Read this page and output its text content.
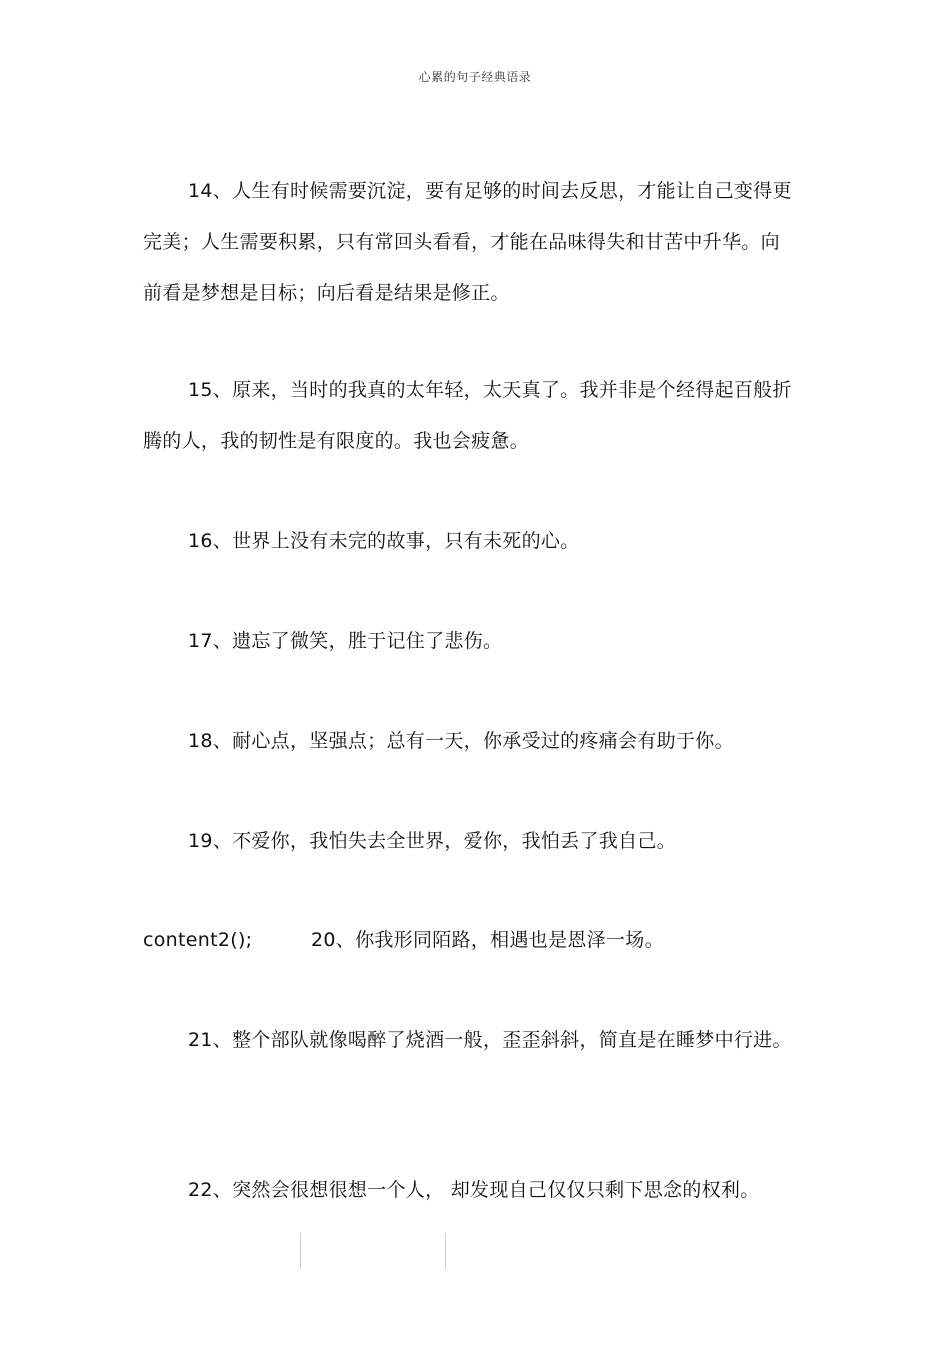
心累的句子经典语录

14、人生有时候需要沉淀，要有足够的时间去反思，才能让自己变得更完美；人生需要积累，只有常回头看看，才能在品味得失和甘苦中升华。向前看是梦想是目标；向后看是结果是修正。

15、原来，当时的我真的太年轻，太天真了。我并非是个经得起百般折腾的人，我的韧性是有限度的。我也会疲惫。

16、世界上没有未完的故事，只有未死的心。

17、遗忘了微笑，胜于记住了悲伤。

18、耐心点，坚强点；总有一天，你承受过的疼痛会有助于你。

19、不爱你，我怕失去全世界，爱你，我怕丢了我自己。

content2();	20、你我形同陌路，相遇也是恩泽一场。

21、整个部队就像喝醉了烧酒一般，歪歪斜斜，简直是在睡梦中行进。

22、突然会很想很想一个人， 却发现自己仅仅只剩下思念的权利。
